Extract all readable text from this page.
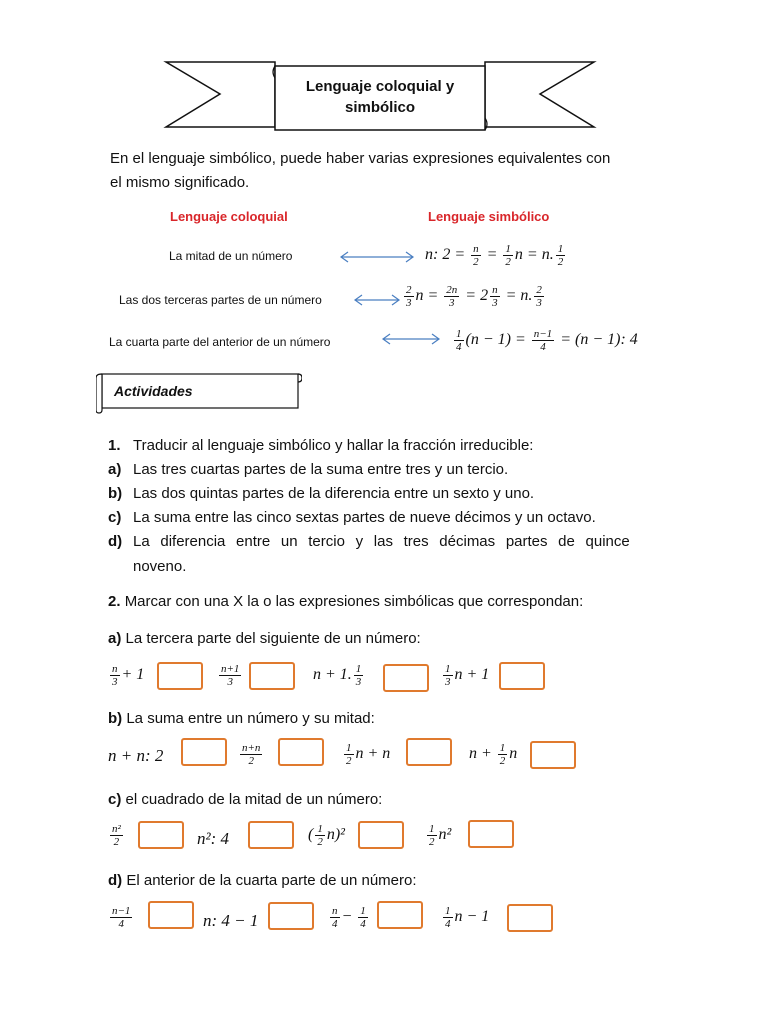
Lenguaje coloquial y
simbólico
En el lenguaje simbólico, puede haber varias expresiones equivalentes con
el mismo significado.
Lenguaje coloquial	Lenguaje simbólico
La mitad de un número	n: $2 = \frac{n}{2} = \frac{1}{2}$ n = n. $\frac{1}{2}$
Las dos terceras partes de un número	$\frac{2}{3}$ $n = \frac{2n}{3} = 2 \frac{n}{3} = n$. $\frac{2}{3}$
La cuarta parte del anterior de un número	$\frac{1}{4} (n - 1) = \frac{n-1}{4} = (n - 1)$: 4
Actividades
1. Traducir al lenguaje simbólico y hallar la fracción irreducible:
a) Las tres cuartas partes de la suma entre tres y un tercio.
b) Las dos quintas partes de la diferencia entre un sexto y uno.
c) La suma entre las cinco sextas partes de nueve décimos y un octavo.
d) La diferencia entre un tercio y las tres décimas partes de quince
noveno.
2. Marcar con una X la o las expresiones simbólicas que correspondan:
a) La tercera parte del siguiente de un número:
$\frac{n}{3} + 1$	$\frac{n+1}{3}$	n + 1. $\frac{1}{3}$	$\frac{1}{3}$ n + 1
b) La suma entre un número y su mitad:
n + n: 2	$\frac{n+n}{2}$	$\frac{1}{2}$ n + n	$n + \frac{1}{2}$ n
c) el cuadrado de la mitad de un número:
$\frac{\text{n²}}{2}$	n²: 4	( $\frac{1}{2} n)^2$	$\frac{1}{2} n^2$
d) El anterior de la cuarta parte de un número:
$\frac{n-1}{4}$	n: 4 − 1	$\frac{n}{4} - \frac{1}{4}$	$\frac{1}{4}$ n − 1
